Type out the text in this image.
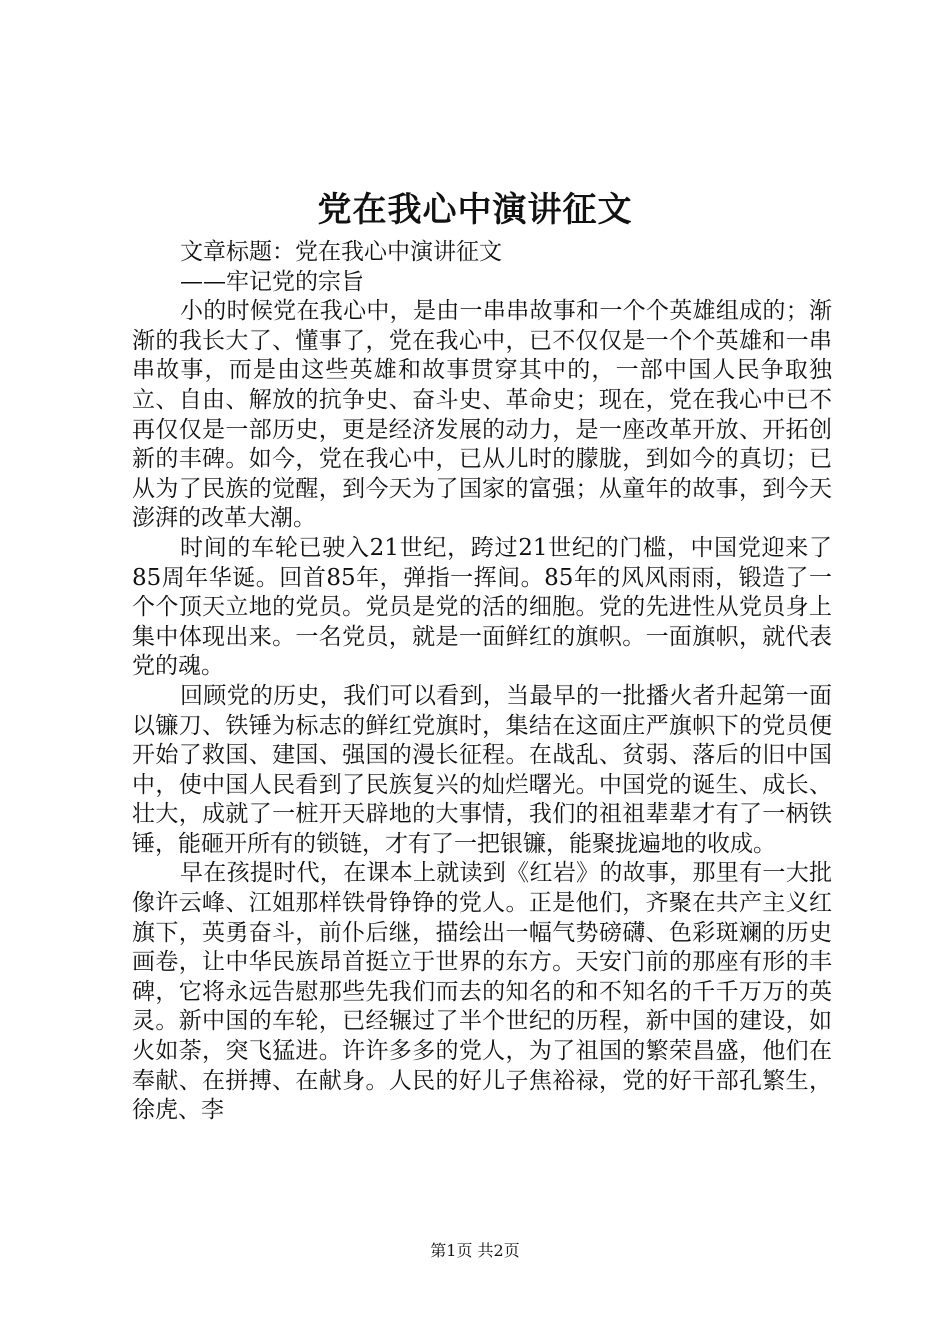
党在我心中演讲征文

文章标题：党在我心中演讲征文

——牢记党的宗旨

小的时候党在我心中，是由一串串故事和一个个英雄组成的；渐渐的我长大了、懂事了，党在我心中，已不仅仅是一个个英雄和一串串故事，而是由这些英雄和故事贯穿其中的，一部中国人民争取独立、自由、解放的抗争史、奋斗史、革命史；现在，党在我心中已不再仅仅是一部历史，更是经济发展的动力，是一座改革开放、开拓创新的丰碑。如今，党在我心中，已从儿时的朦胧，到如今的真切；已从为了民族的觉醒，到今天为了国家的富强；从童年的故事，到今天澎湃的改革大潮。

时间的车轮已驶入21世纪，跨过21世纪的门槛，中国党迎来了85周年华诞。回首85年，弹指一挥间。85年的风风雨雨，锻造了一个个顶天立地的党员。党员是党的活的细胞。党的先进性从党员身上集中体现出来。一名党员，就是一面鲜红的旗帜。一面旗帜，就代表党的魂。

回顾党的历史，我们可以看到，当最早的一批播火者升起第一面以镰刀、铁锤为标志的鲜红党旗时，集结在这面庄严旗帜下的党员便开始了救国、建国、强国的漫长征程。在战乱、贫弱、落后的旧中国中，使中国人民看到了民族复兴的灿烂曙光。中国党的诞生、成长、壮大，成就了一桩开天辟地的大事情，我们的祖祖辈辈才有了一柄铁锤，能砸开所有的锁链，才有了一把银镰，能聚拢遍地的收成。

早在孩提时代，在课本上就读到《红岩》的故事，那里有一大批像许云峰、江姐那样铁骨铮铮的党人。正是他们，齐聚在共产主义红旗下，英勇奋斗，前仆后继，描绘出一幅气势磅礴、色彩斑斓的历史画卷，让中华民族昂首挺立于世界的东方。天安门前的那座有形的丰碑，它将永远告慰那些先我们而去的知名的和不知名的千千万万的英灵。新中国的车轮，已经辗过了半个世纪的历程，新中国的建设，如火如荼，突飞猛进。许许多多的党人，为了祖国的繁荣昌盛，他们在奉献、在拼搏、在献身。人民的好儿子焦裕禄，党的好干部孔繁生，徐虎、李

第1页 共2页
